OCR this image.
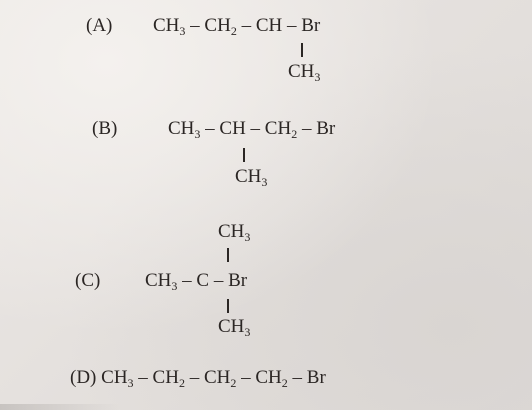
(A) $CH_3 - CH_2$ – CH – Br
$CH_3$
(B)	$CH_3$ – CH – $CH_2$ – Br
$CH_3$
$CH_3$
(C) $CH_3$ – C – Br
$CH_3$
(D) $CH_3 - CH_2 - CH_2 - CH_2$ – Br
